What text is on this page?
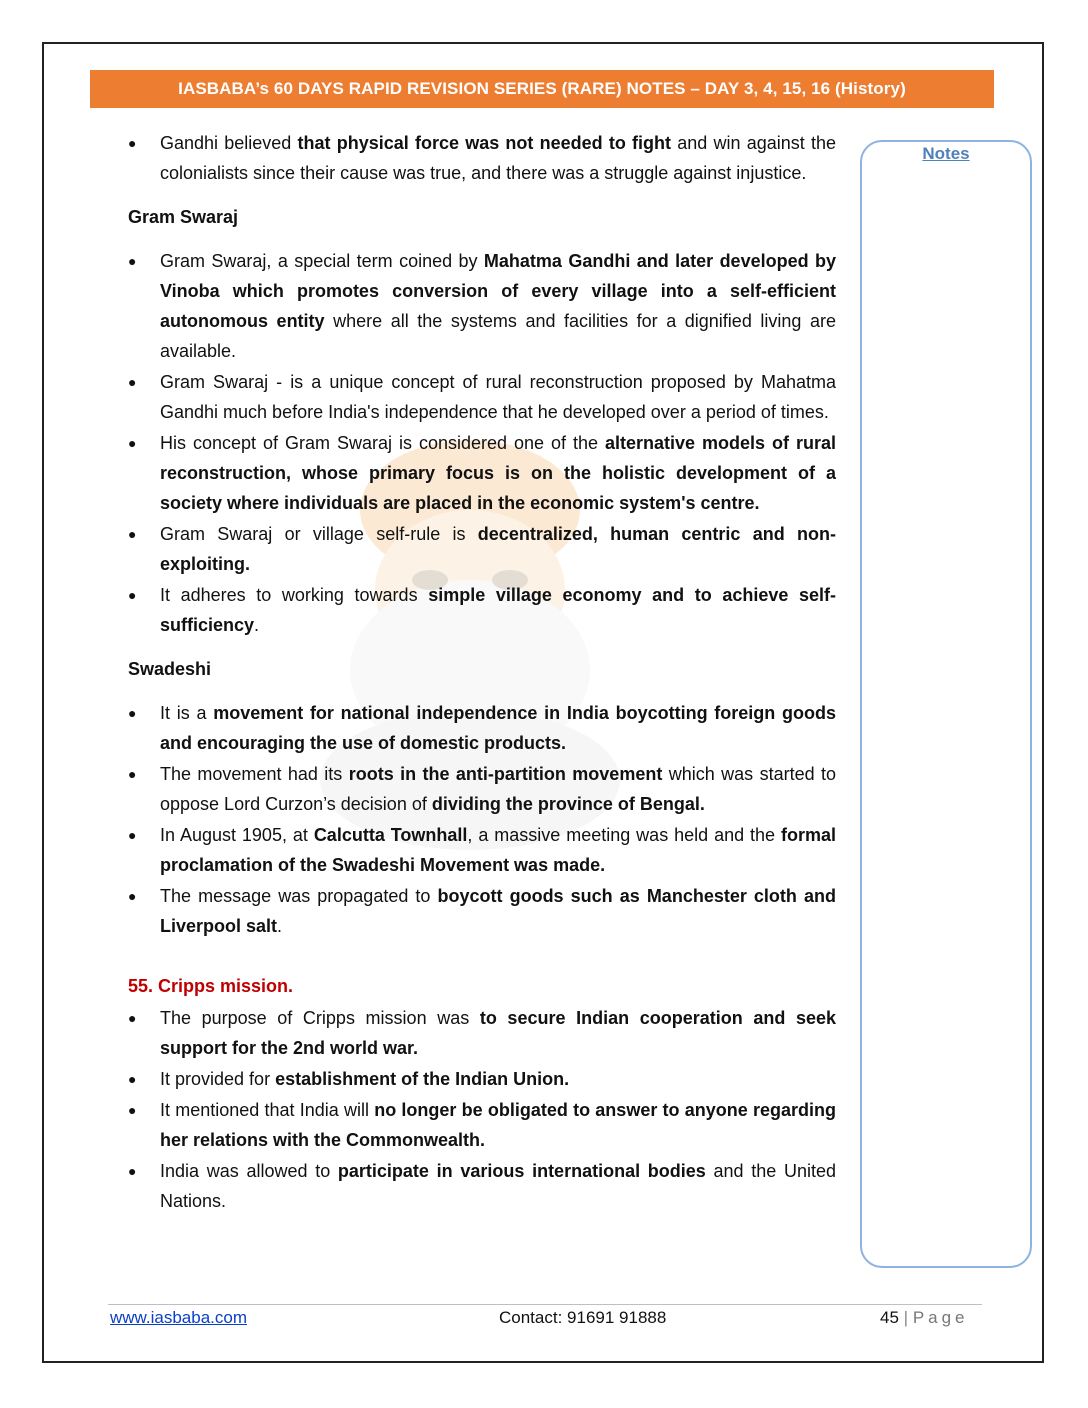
IASBABA’s 60 DAYS RAPID REVISION SERIES (RARE) NOTES – DAY 3, 4, 15, 16 (History)
Notes
● Gandhi believed that physical force was not needed to fight and win against the colonialists since their cause was true, and there was a struggle against injustice.
Gram Swaraj
● Gram Swaraj, a special term coined by Mahatma Gandhi and later developed by Vinoba which promotes conversion of every village into a self-efficient autonomous entity where all the systems and facilities for a dignified living are available.
● Gram Swaraj - is a unique concept of rural reconstruction proposed by Mahatma Gandhi much before India's independence that he developed over a period of times.
● His concept of Gram Swaraj is considered one of the alternative models of rural reconstruction, whose primary focus is on the holistic development of a society where individuals are placed in the economic system's centre.
● Gram Swaraj or village self-rule is decentralized, human centric and non-exploiting.
● It adheres to working towards simple village economy and to achieve self-sufficiency.
Swadeshi
● It is a movement for national independence in India boycotting foreign goods and encouraging the use of domestic products.
● The movement had its roots in the anti-partition movement which was started to oppose Lord Curzon’s decision of dividing the province of Bengal.
● In August 1905, at Calcutta Townhall, a massive meeting was held and the formal proclamation of the Swadeshi Movement was made.
● The message was propagated to boycott goods such as Manchester cloth and Liverpool salt.
55. Cripps mission.
● The purpose of Cripps mission was to secure Indian cooperation and seek support for the 2nd world war.
● It provided for establishment of the Indian Union.
● It mentioned that India will no longer be obligated to answer to anyone regarding her relations with the Commonwealth.
● India was allowed to participate in various international bodies and the United Nations.
www.iasbaba.com	Contact: 91691 91888	45 | Page
